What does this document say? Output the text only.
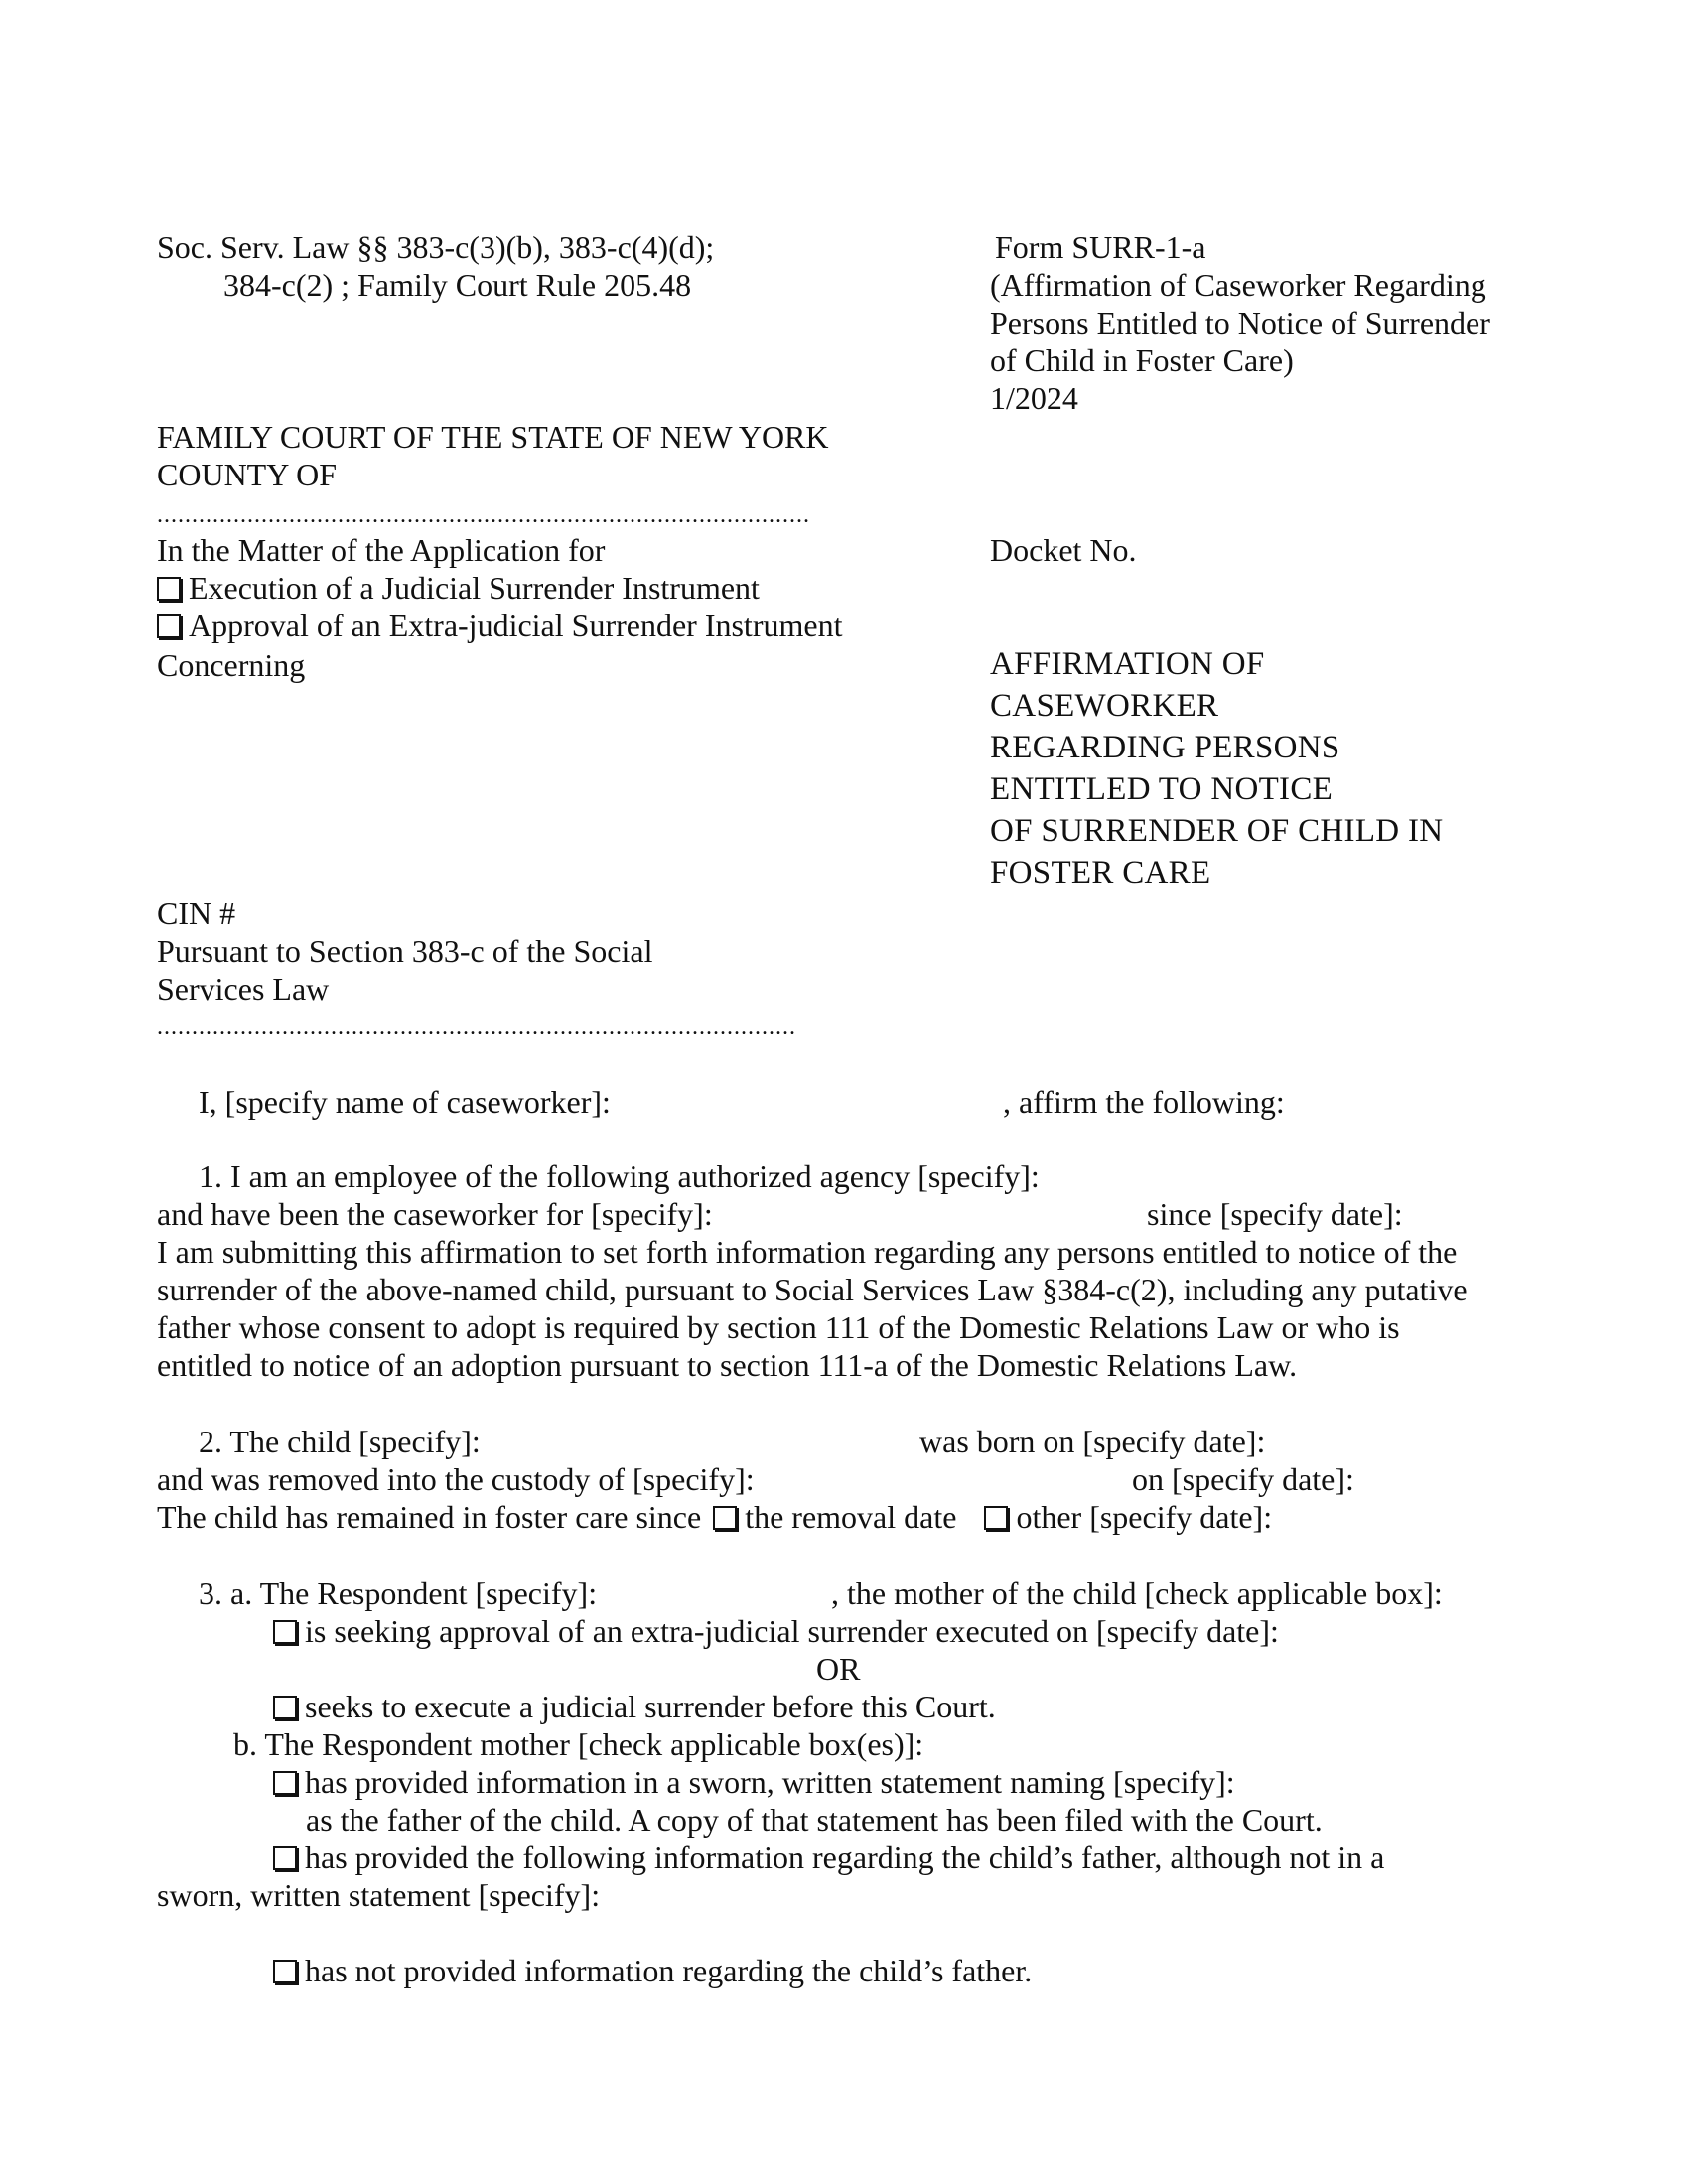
Soc. Serv. Law §§ 383-c(3)(b), 383-c(4)(d);
384-c(2) ; Family Court Rule 205.48
Form SURR-1-a
(Affirmation of Caseworker Regarding
Persons Entitled to Notice of Surrender
of Child in Foster Care)
1/2024
FAMILY COURT OF THE STATE OF NEW YORK
COUNTY OF
..............................................................................................
In the Matter of the Application for
Execution of a Judicial Surrender Instrument
Approval of an Extra-judicial Surrender Instrument
Concerning
Docket No.
AFFIRMATION OF
CASEWORKER
REGARDING PERSONS
ENTITLED TO NOTICE
OF SURRENDER OF CHILD IN
FOSTER CARE
CIN #
Pursuant to Section 383-c of the Social
Services Law
............................................................................................
I, [specify name of caseworker]:	, affirm the following:
1. I am an employee of the following authorized agency [specify]:
and have been the caseworker for [specify]:	since [specify date]:
I am submitting this affirmation to set forth information regarding any persons entitled to notice of the
surrender of the above-named child, pursuant to Social Services Law §384-c(2), including any putative
father whose consent to adopt is required by section 111 of the Domestic Relations Law or who is
entitled to notice of an adoption pursuant to section 111-a of the Domestic Relations Law.
2. The child [specify]:	was born on [specify date]:
and was removed into the custody of [specify]:	on [specify date]:
The child has remained in foster care since the removal date other [specify date]:
3. a. The Respondent [specify]:	, the mother of the child [check applicable box]:
is seeking approval of an extra-judicial surrender executed on [specify date]:
OR
seeks to execute a judicial surrender before this Court.
b. The Respondent mother [check applicable box(es)]:
has provided information in a sworn, written statement naming [specify]:
as the father of the child. A copy of that statement has been filed with the Court.
has provided the following information regarding the child’s father, although not in a
sworn, written statement [specify]:
has not provided information regarding the child’s father.
